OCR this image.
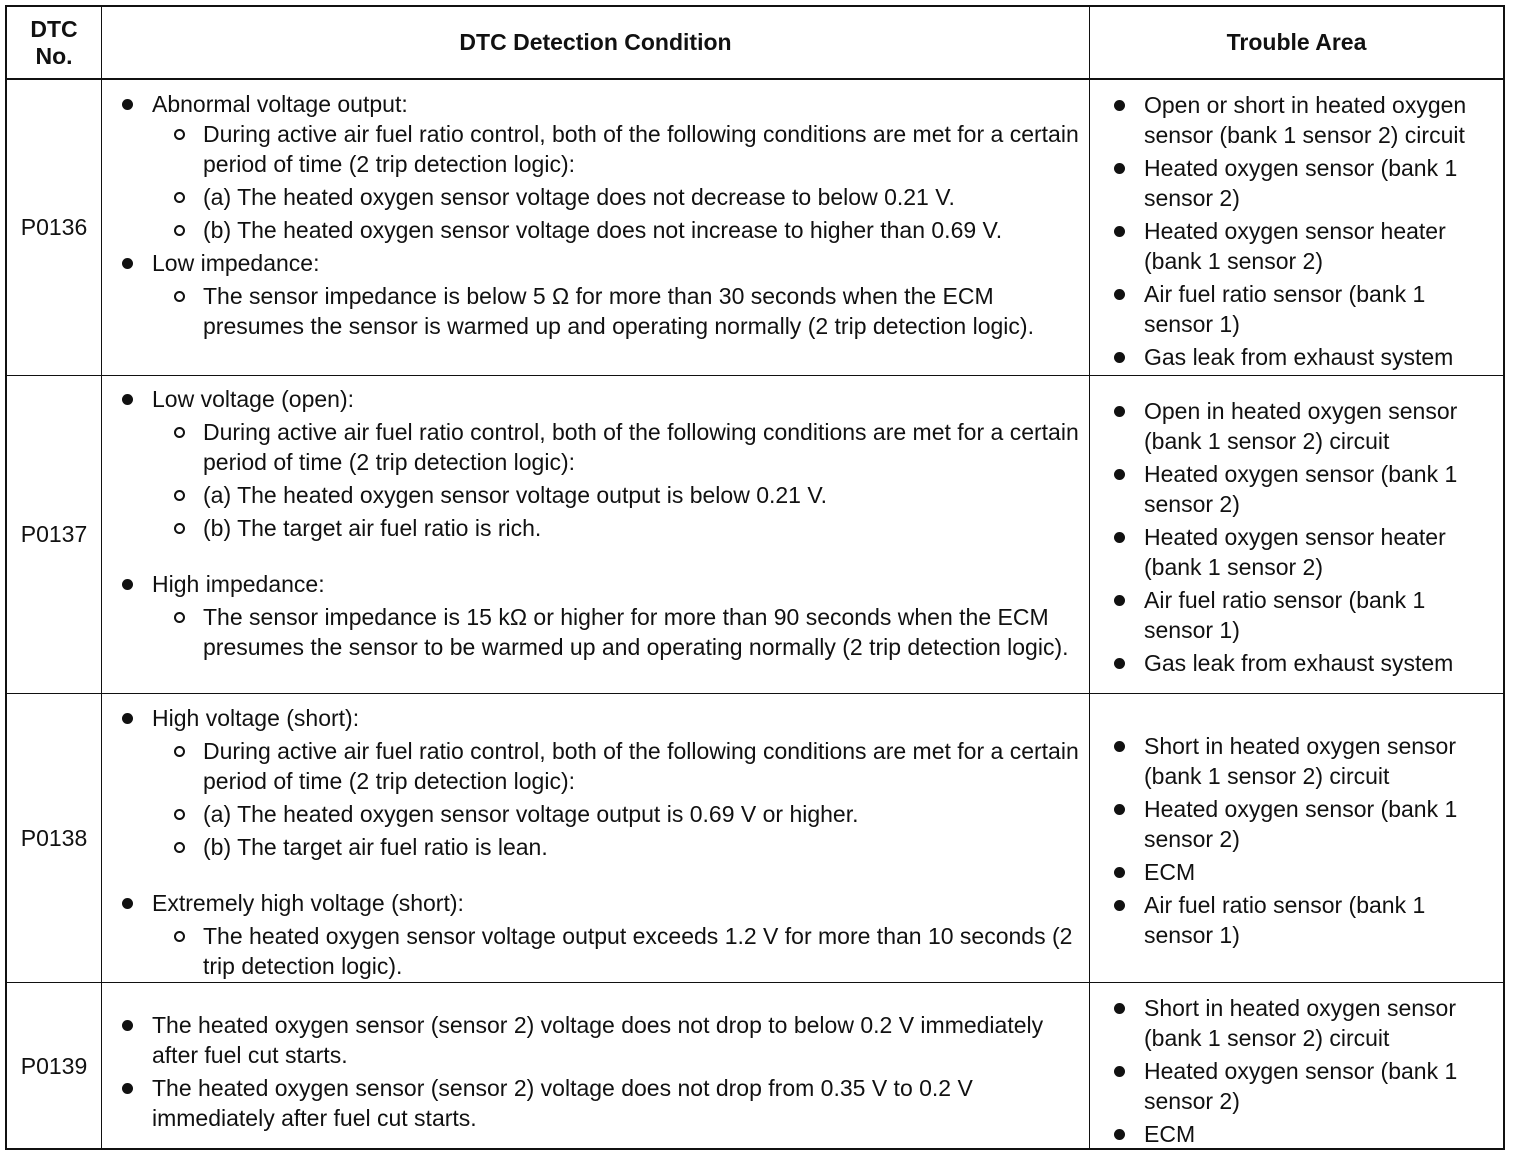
DTC
No.
DTC Detection Condition	Trouble Area
P0136
Abnormal voltage output:
During active air fuel ratio control, both of the following conditions are met for a certain period of time (2 trip detection logic):
(a) The heated oxygen sensor voltage does not decrease to below 0.21 V.
(b) The heated oxygen sensor voltage does not increase to higher than 0.69 V.
Low impedance:
The sensor impedance is below 5 Ω for more than 30 seconds when the ECM presumes the sensor is warmed up and operating normally (2 trip detection logic).
Open or short in heated oxygen sensor (bank 1 sensor 2) circuit
Heated oxygen sensor (bank 1 sensor 2)
Heated oxygen sensor heater (bank 1 sensor 2)
Air fuel ratio sensor (bank 1 sensor 1)
Gas leak from exhaust system
P0137
Low voltage (open):
During active air fuel ratio control, both of the following conditions are met for a certain period of time (2 trip detection logic):
(a) The heated oxygen sensor voltage output is below 0.21 V.
(b) The target air fuel ratio is rich.
High impedance:
The sensor impedance is 15 kΩ or higher for more than 90 seconds when the ECM presumes the sensor to be warmed up and operating normally (2 trip detection logic).
Open in heated oxygen sensor (bank 1 sensor 2) circuit
Heated oxygen sensor (bank 1 sensor 2)
Heated oxygen sensor heater (bank 1 sensor 2)
Air fuel ratio sensor (bank 1 sensor 1)
Gas leak from exhaust system
P0138
High voltage (short):
During active air fuel ratio control, both of the following conditions are met for a certain period of time (2 trip detection logic):
(a) The heated oxygen sensor voltage output is 0.69 V or higher.
(b) The target air fuel ratio is lean.
Extremely high voltage (short):
The heated oxygen sensor voltage output exceeds 1.2 V for more than 10 seconds (2 trip detection logic).
Short in heated oxygen sensor (bank 1 sensor 2) circuit
Heated oxygen sensor (bank 1 sensor 2)
ECM
Air fuel ratio sensor (bank 1 sensor 1)
P0139
The heated oxygen sensor (sensor 2) voltage does not drop to below 0.2 V immediately after fuel cut starts.
The heated oxygen sensor (sensor 2) voltage does not drop from 0.35 V to 0.2 V immediately after fuel cut starts.
Short in heated oxygen sensor (bank 1 sensor 2) circuit
Heated oxygen sensor (bank 1 sensor 2)
ECM
